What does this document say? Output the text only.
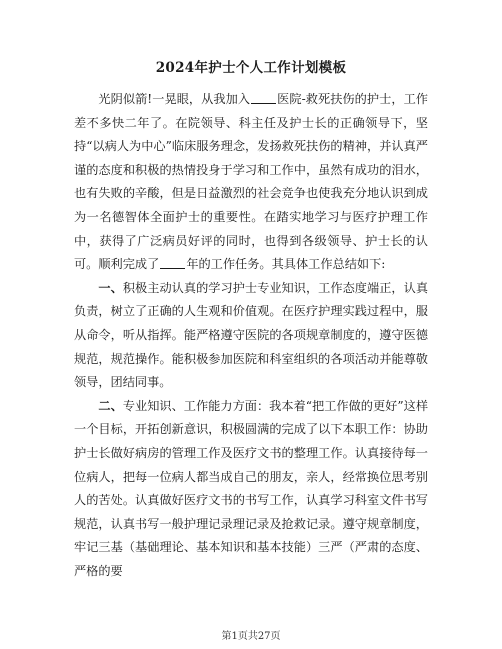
2024年护士个人工作计划模板

光阴似箭!一晃眼，从我加入 医院-救死扶伤的护士，工作差不多快二年了。在院领导、科主任及护士长的正确领导下，坚持“以病人为中心”临床服务理念，发扬救死扶伤的精神，并认真严谨的态度和积极的热情投身于学习和工作中，虽然有成功的泪水，也有失败的辛酸，但是日益激烈的社会竞争也使我充分地认识到成为一名德智体全面护士的重要性。在踏实地学习与医疗护理工作中，获得了广泛病员好评的同时，也得到各级领导、护士长的认可。顺利完成了 年的工作任务。其具体工作总结如下:

一、积极主动认真的学习护士专业知识，工作态度端正，认真负责，树立了正确的人生观和价值观。在医疗护理实践过程中，服从命令，听从指挥。能严格遵守医院的各项规章制度的，遵守医德规范，规范操作。能积极参加医院和科室组织的各项活动并能尊敬领导，团结同事。

二、专业知识、工作能力方面：我本着“把工作做的更好”这样一个目标，开拓创新意识，积极圆满的完成了以下本职工作：协助护士长做好病房的管理工作及医疗文书的整理工作。认真接待每一位病人，把每一位病人都当成自己的朋友，亲人，经常换位思考别人的苦处。认真做好医疗文书的书写工作，认真学习科室文件书写规范，认真书写一般护理记录理记录及抢救记录。遵守规章制度，牢记三基（基础理论、基本知识和基本技能）三严（严肃的态度、严格的要

第1页共27页
